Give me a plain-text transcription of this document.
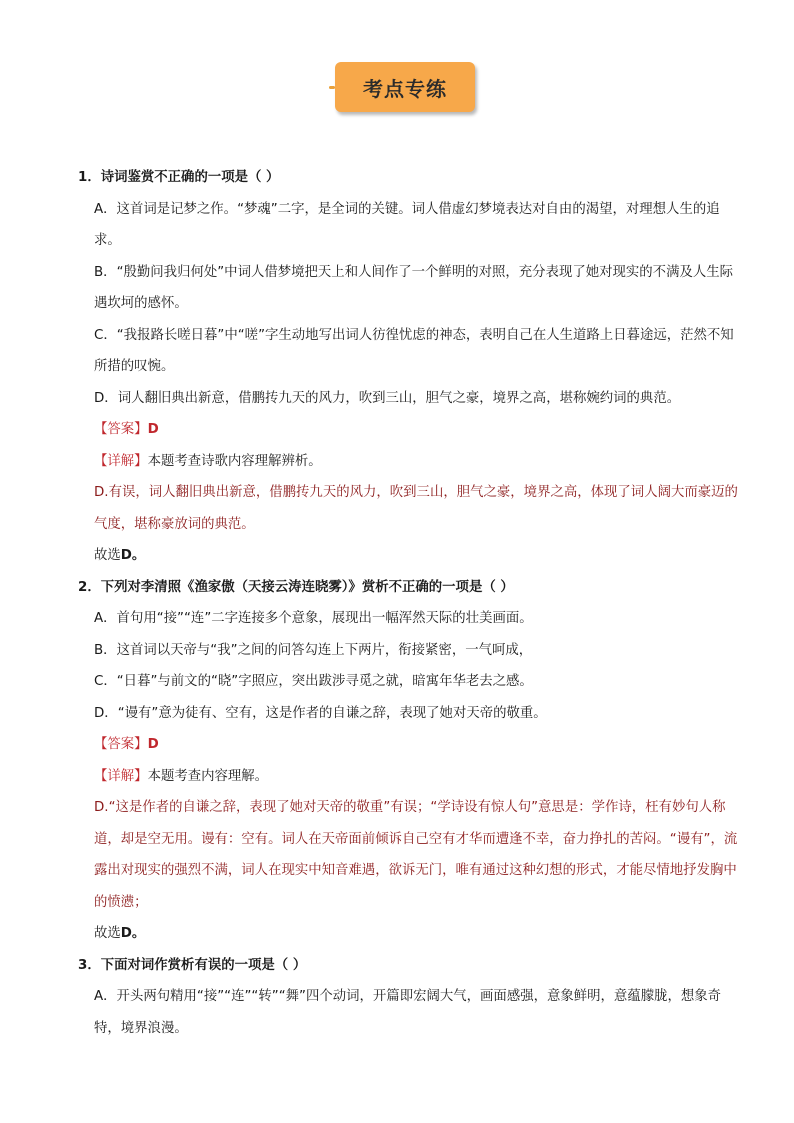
考点专练

1．诗词鉴赏不正确的一项是（ ）

A．这首词是记梦之作。“梦魂”二字，是全词的关键。词人借虚幻梦境表达对自由的渴望，对理想人生的追求。

B．“殷勤问我归何处”中词人借梦境把天上和人间作了一个鲜明的对照，充分表现了她对现实的不满及人生际遇坎坷的感怀。

C．“我报路长嗟日暮”中“嗟”字生动地写出词人彷徨忧虑的神态，表明自己在人生道路上日暮途远，茫然不知所措的叹惋。

D．词人翻旧典出新意，借鹏抟九天的风力，吹到三山，胆气之豪，境界之高，堪称婉约词的典范。

【答案】D

【详解】本题考查诗歌内容理解辨析。

D.有误，词人翻旧典出新意，借鹏抟九天的风力，吹到三山，胆气之豪，境界之高，体现了词人阔大而豪迈的气度，堪称豪放词的典范。

故选D。

2．下列对李清照《渔家傲（天接云涛连晓雾）》赏析不正确的一项是（ ）

A．首句用“接”“连”二字连接多个意象，展现出一幅浑然天际的壮美画面。

B．这首词以天帝与“我”之间的问答勾连上下两片，衔接紧密，一气呵成，

C．“日暮”与前文的“晓”字照应，突出跋涉寻觅之就，暗寓年华老去之感。

D．“谩有”意为徒有、空有，这是作者的自谦之辞，表现了她对天帝的敬重。

【答案】D

【详解】本题考查内容理解。

D.“这是作者的自谦之辞，表现了她对天帝的敬重”有误；“学诗设有惊人句”意思是：学作诗，枉有妙句人称道，却是空无用。谩有：空有。词人在天帝面前倾诉自己空有才华而遭逢不幸，奋力挣扎的苦闷。“谩有”，流露出对现实的强烈不满，词人在现实中知音难遇，欲诉无门，唯有通过这种幻想的形式，才能尽情地抒发胸中的愤懑；

故选D。

3．下面对词作赏析有误的一项是（ ）

A．开头两句精用“接”“连”“转”“舞”四个动词，开篇即宏阔大气，画面感强，意象鲜明，意蕴朦胧，想象奇特，境界浪漫。
